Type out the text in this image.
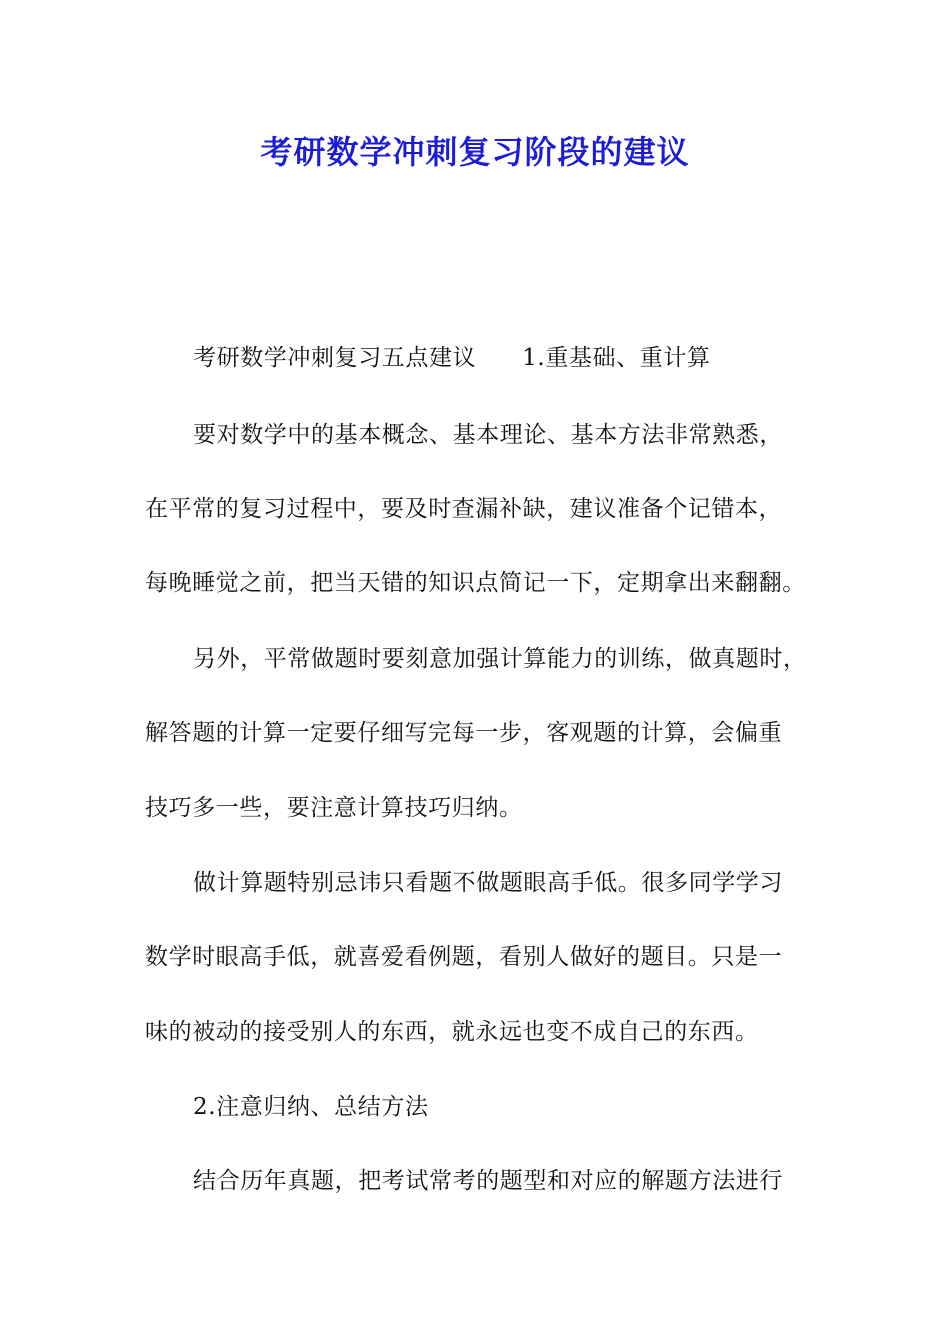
考研数学冲刺复习阶段的建议
考研数学冲刺复习五点建议 1.重基础、重计算
要对数学中的基本概念、基本理论、基本方法非常熟悉，
在平常的复习过程中，要及时查漏补缺，建议准备个记错本，
每晚睡觉之前，把当天错的知识点简记一下，定期拿出来翻翻。
另外，平常做题时要刻意加强计算能力的训练，做真题时，
解答题的计算一定要仔细写完每一步，客观题的计算，会偏重
技巧多一些，要注意计算技巧归纳。
做计算题特别忌讳只看题不做题眼高手低。很多同学学习
数学时眼高手低，就喜爱看例题，看别人做好的题目。只是一
味的被动的接受别人的东西，就永远也变不成自己的东西。
2.注意归纳、总结方法
结合历年真题，把考试常考的题型和对应的解题方法进行
